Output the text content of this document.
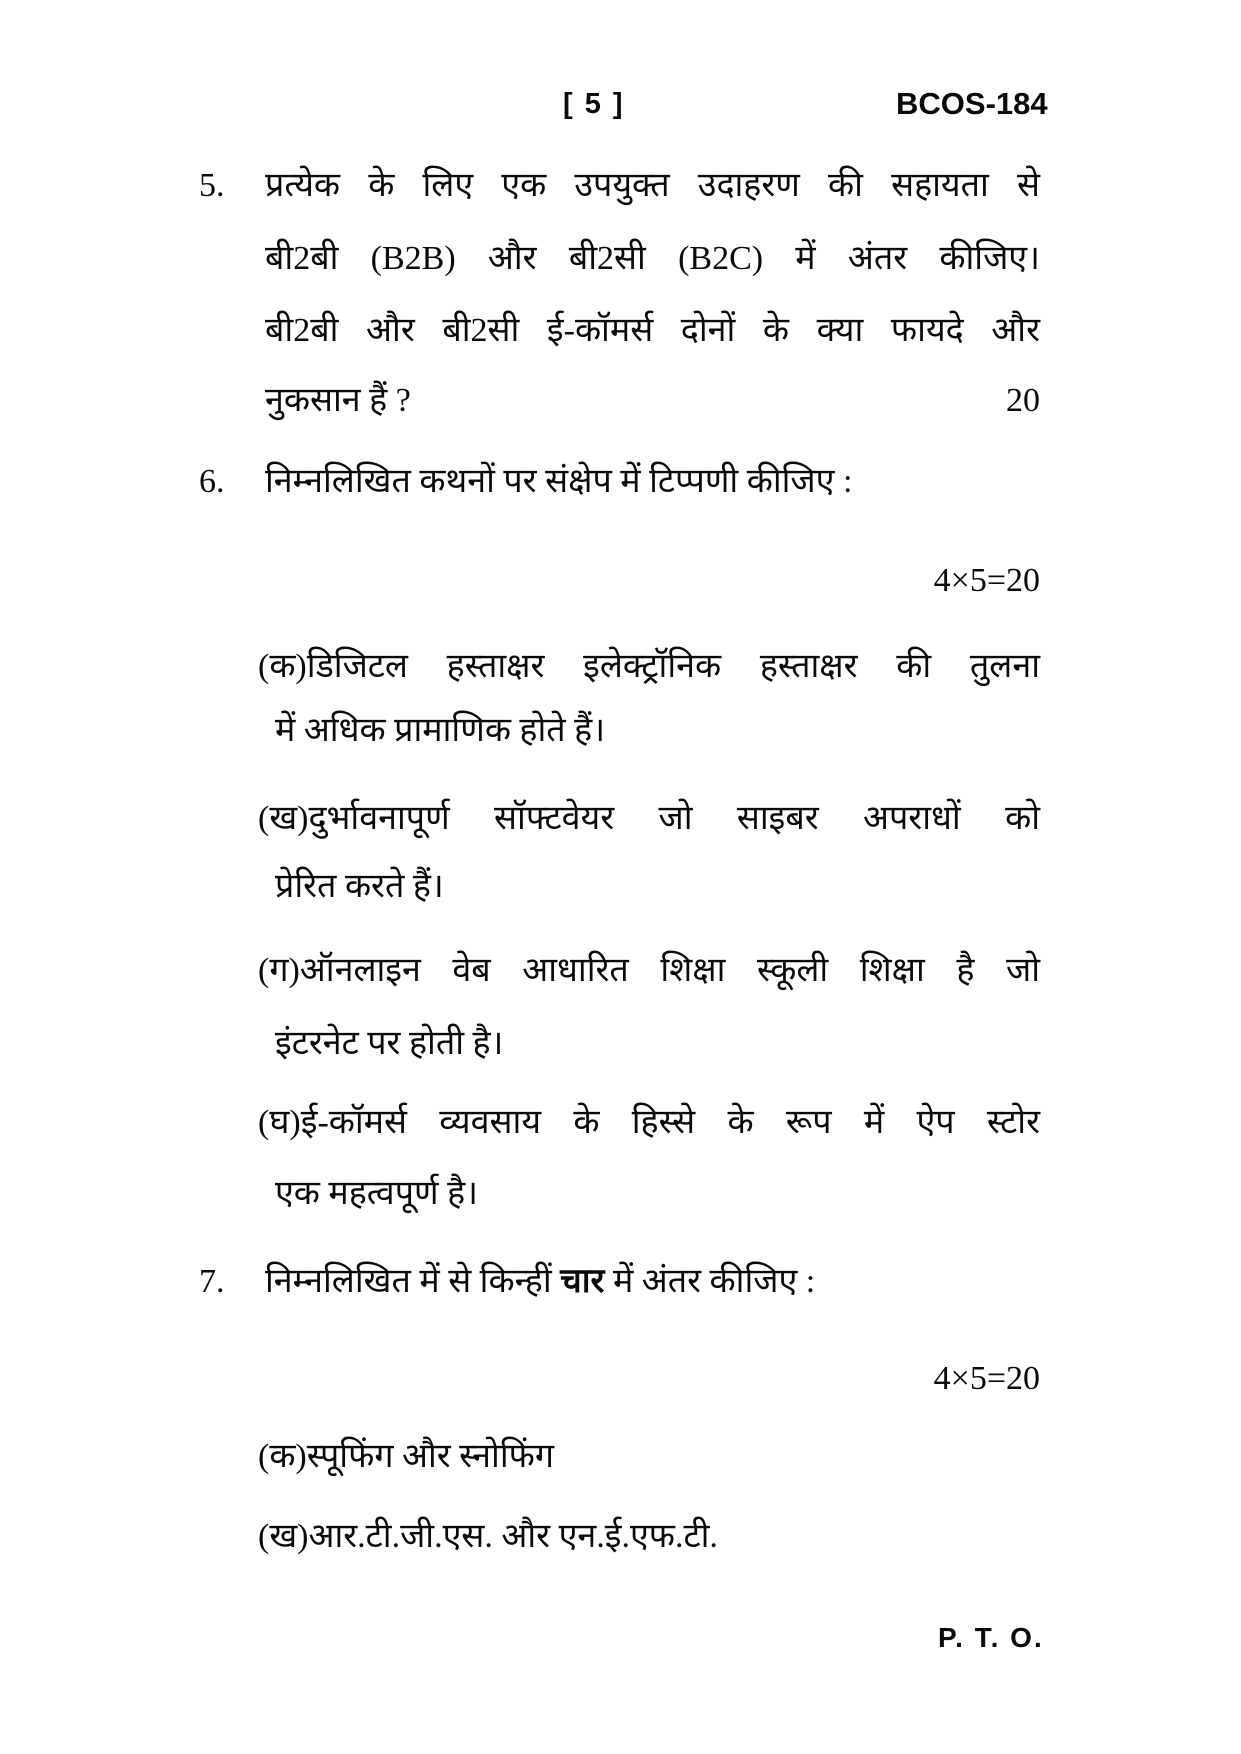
[ 5 ]	BCOS-184
5. प्रत्येक के लिए एक उपयुक्त उदाहरण की सहायता से
बी2बी (B2B) और बी2सी (B2C) में अंतर कीजिए।
बी2बी और बी2सी ई-कॉमर्स दोनों के क्या फायदे और
नुकसान हैं ?	20
6. निम्नलिखित कथनों पर संक्षेप में टिप्पणी कीजिए :
4×5=20
(क) डिजिटल हस्ताक्षर इलेक्ट्रॉनिक हस्ताक्षर की तुलना
में अधिक प्रामाणिक होते हैं।
(ख) दुर्भावनापूर्ण सॉफ्टवेयर जो साइबर अपराधों को
प्रेरित करते हैं।
(ग) ऑनलाइन वेब आधारित शिक्षा स्कूली शिक्षा है जो
इंटरनेट पर होती है।
(घ) ई-कॉमर्स व्यवसाय के हिस्से के रूप में ऐप स्टोर
एक महत्वपूर्ण है।
7. निम्नलिखित में से किन्हीं चार में अंतर कीजिए :
4×5=20
(क) स्पूफिंग और स्नोफिंग
(ख) आर.टी.जी.एस. और एन.ई.एफ.टी.
P. T. O.
